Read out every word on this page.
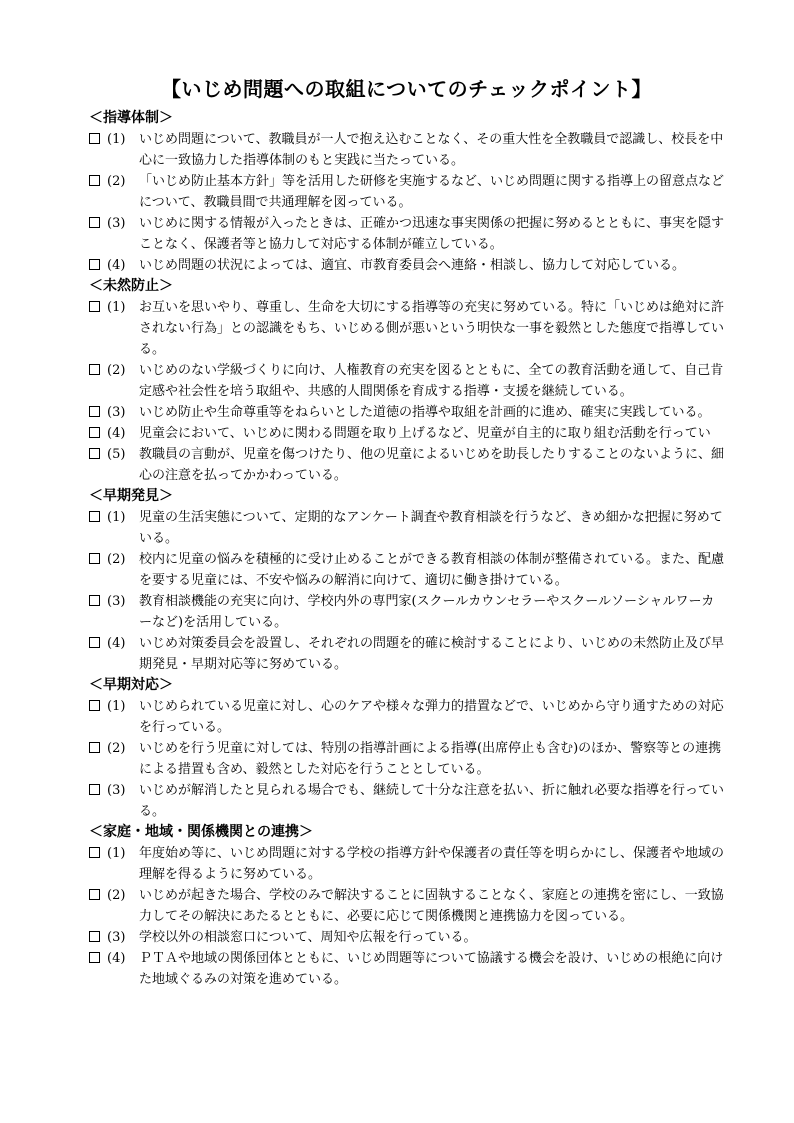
【いじめ問題への取組についてのチェックポイント】
＜指導体制＞
(1)	いじめ問題について、教職員が一人で抱え込むことなく、その重大性を全教職員で認識し、校長を中心に一致協力した指導体制のもと実践に当たっている。
(2)	「いじめ防止基本方針」等を活用した研修を実施するなど、いじめ問題に関する指導上の留意点などについて、教職員間で共通理解を図っている。
(3)	いじめに関する情報が入ったときは、正確かつ迅速な事実関係の把握に努めるとともに、事実を隠すことなく、保護者等と協力して対応する体制が確立している。
(4)	いじめ問題の状況によっては、適宜、市教育委員会へ連絡・相談し、協力して対応している。
＜未然防止＞
(1)	お互いを思いやり、尊重し、生命を大切にする指導等の充実に努めている。特に「いじめは絶対に許されない行為」との認識をもち、いじめる側が悪いという明快な一事を毅然とした態度で指導している。
(2)	いじめのない学級づくりに向け、人権教育の充実を図るとともに、全ての教育活動を通して、自己肯定感や社会性を培う取組や、共感的人間関係を育成する指導・支援を継続している。
(3)	いじめ防止や生命尊重等をねらいとした道徳の指導や取組を計画的に進め、確実に実践している。
(4)	児童会において、いじめに関わる問題を取り上げるなど、児童が自主的に取り組む活動を行ってい
(5)	教職員の言動が、児童を傷つけたり、他の児童によるいじめを助長したりすることのないように、細心の注意を払ってかかわっている。
＜早期発見＞
(1)	児童の生活実態について、定期的なアンケート調査や教育相談を行うなど、きめ細かな把握に努めている。
(2)	校内に児童の悩みを積極的に受け止めることができる教育相談の体制が整備されている。また、配慮を要する児童には、不安や悩みの解消に向けて、適切に働き掛けている。
(3)	教育相談機能の充実に向け、学校内外の専門家(スクールカウンセラーやスクールソーシャルワーカーなど)を活用している。
(4)	いじめ対策委員会を設置し、それぞれの問題を的確に検討することにより、いじめの未然防止及び早期発見・早期対応等に努めている。
＜早期対応＞
(1)	いじめられている児童に対し、心のケアや様々な弾力的措置などで、いじめから守り通すための対応を行っている。
(2)	いじめを行う児童に対しては、特別の指導計画による指導(出席停止も含む)のほか、警察等との連携による措置も含め、毅然とした対応を行うこととしている。
(3)	いじめが解消したと見られる場合でも、継続して十分な注意を払い、折に触れ必要な指導を行っている。
＜家庭・地域・関係機関との連携＞
(1)	年度始め等に、いじめ問題に対する学校の指導方針や保護者の責任等を明らかにし、保護者や地域の理解を得るように努めている。
(2)	いじめが起きた場合、学校のみで解決することに固執することなく、家庭との連携を密にし、一致協力してその解決にあたるとともに、必要に応じて関係機関と連携協力を図っている。
(3)	学校以外の相談窓口について、周知や広報を行っている。
(4)	ＰＴＡや地域の関係団体とともに、いじめ問題等について協議する機会を設け、いじめの根絶に向けた地域ぐるみの対策を進めている。
